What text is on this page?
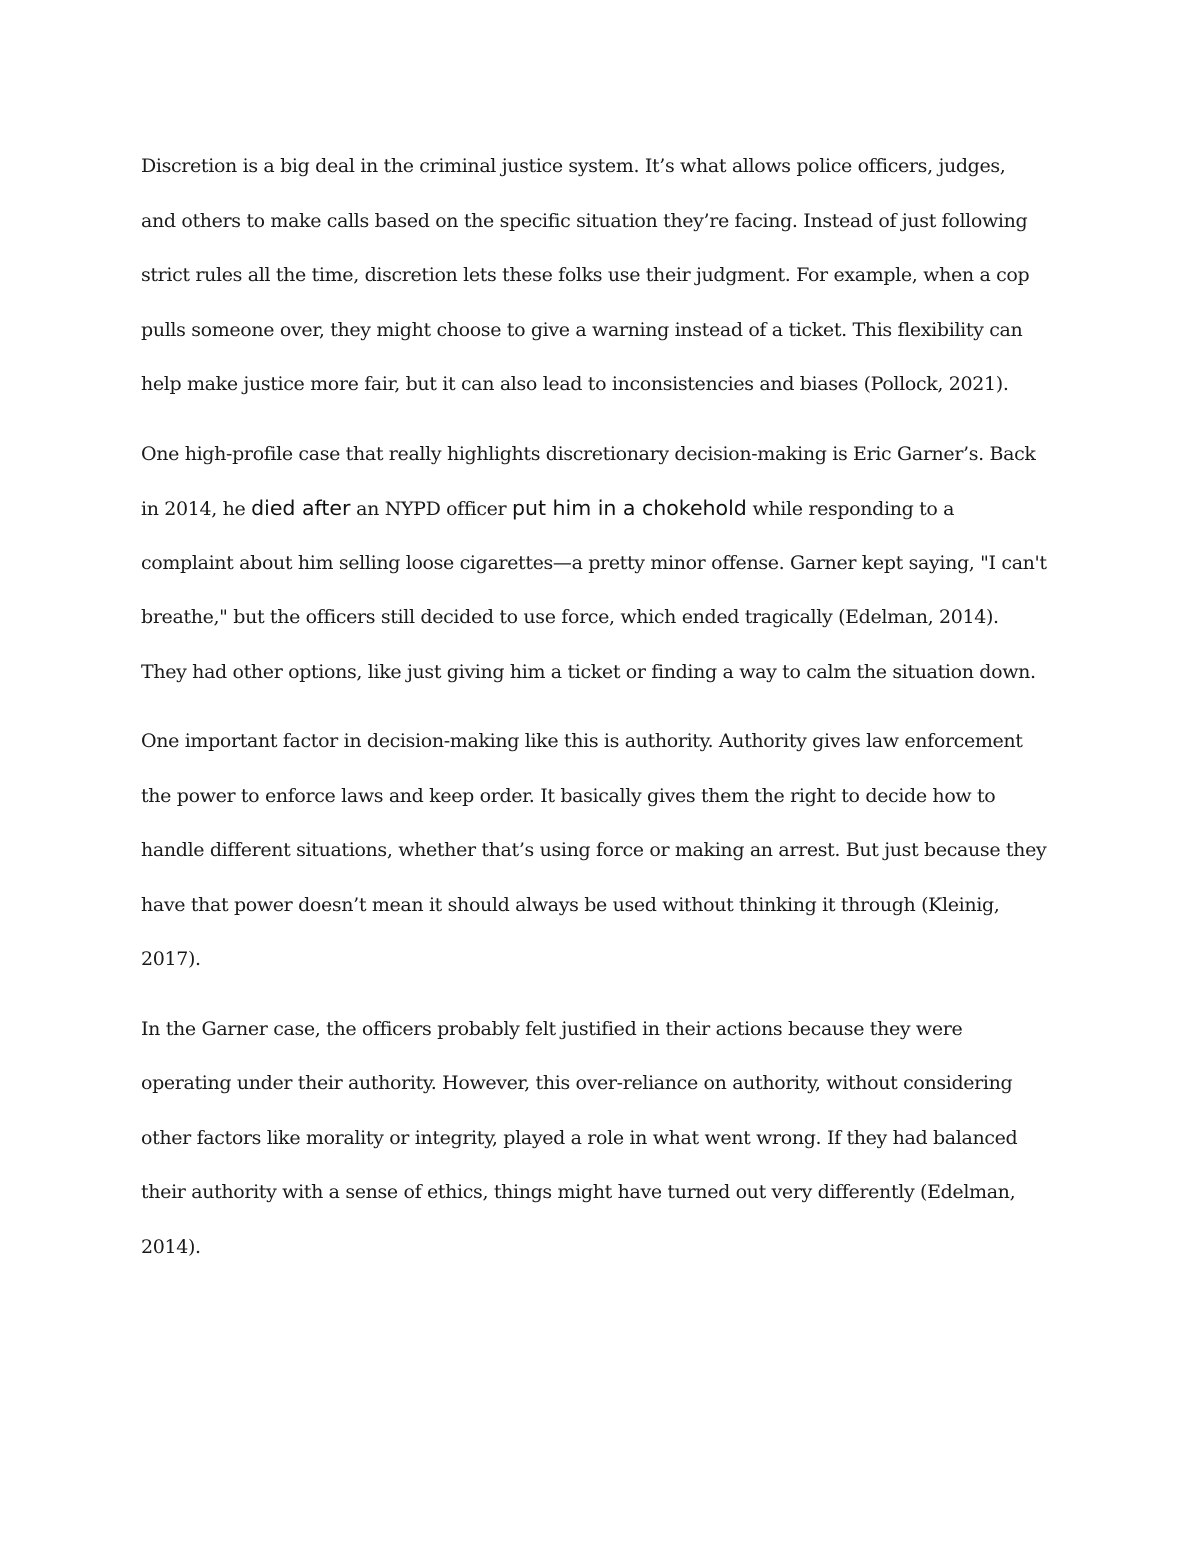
Discretion is a big deal in the criminal justice system. It’s what allows police officers, judges,
and others to make calls based on the specific situation they’re facing. Instead of just following
strict rules all the time, discretion lets these folks use their judgment. For example, when a cop
pulls someone over, they might choose to give a warning instead of a ticket. This flexibility can
help make justice more fair, but it can also lead to inconsistencies and biases (Pollock, 2021).

One high-profile case that really highlights discretionary decision-making is Eric Garner’s. Back
in 2014, he died after an NYPD officer put him in a chokehold while responding to a
complaint about him selling loose cigarettes—a pretty minor offense. Garner kept saying, "I can't
breathe," but the officers still decided to use force, which ended tragically (Edelman, 2014).
They had other options, like just giving him a ticket or finding a way to calm the situation down.

One important factor in decision-making like this is authority. Authority gives law enforcement
the power to enforce laws and keep order. It basically gives them the right to decide how to
handle different situations, whether that’s using force or making an arrest. But just because they
have that power doesn’t mean it should always be used without thinking it through (Kleinig,
2017).

In the Garner case, the officers probably felt justified in their actions because they were
operating under their authority. However, this over-reliance on authority, without considering
other factors like morality or integrity, played a role in what went wrong. If they had balanced
their authority with a sense of ethics, things might have turned out very differently (Edelman,
2014).
